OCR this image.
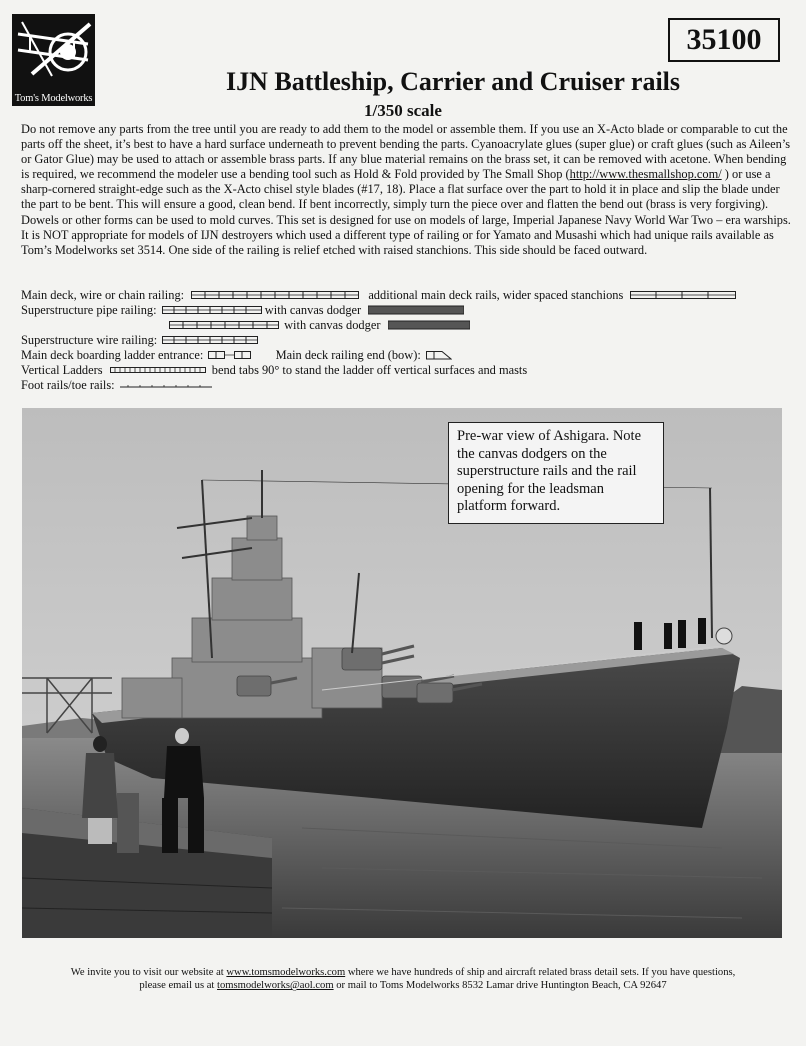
Tom's Modelworks
35100
IJN Battleship, Carrier and Cruiser rails
1/350 scale

Do not remove any parts from the tree until you are ready to add them to the model or assemble them. If you use an X-Acto blade or comparable to cut the parts off the sheet, it’s best to have a hard surface underneath to prevent bending the parts. Cyanoacrylate glues (super glue) or craft glues (such as Aileen’s or Gator Glue) may be used to attach or assemble brass parts. If any blue material remains on the brass set, it can be removed with acetone. When bending is required, we recommend the modeler use a bending tool such as Hold & Fold provided by The Small Shop (http://www.thesmallshop.com/ ) or use a sharp-cornered straight-edge such as the X-Acto chisel style blades (#17, 18). Place a flat surface over the part to hold it in place and slip the blade under the part to be bent. This will ensure a good, clean bend. If bent incorrectly, simply turn the piece over and flatten the bend out (brass is very forgiving). Dowels or other forms can be used to mold curves. This set is designed for use on models of large, Imperial Japanese Navy World War Two – era warships. It is NOT appropriate for models of IJN destroyers which used a different type of railing or for Yamato and Musashi which had unique rails available as Tom’s Modelworks set 3514. One side of the railing is relief etched with raised stanchions. This side should be faced outward.

Main deck, wire or chain railing:	additional main deck rails, wider spaced stanchions
Superstructure pipe railing:	with canvas dodger
with canvas dodger
Superstructure wire railing:
Main deck boarding ladder entrance:	Main deck railing end (bow):
Vertical Ladders	bend tabs 90° to stand the ladder off vertical surfaces and masts
Foot rails/toe rails:

Pre-war view of Ashigara. Note the canvas dodgers on the superstructure rails and the rail opening for the leadsman platform forward.

We invite you to visit our website at www.tomsmodelworks.com where we have hundreds of ship and aircraft related brass detail sets. If you have questions,
please email us at tomsmodelworks@aol.com or mail to Toms Modelworks 8532 Lamar drive Huntington Beach, CA 92647
